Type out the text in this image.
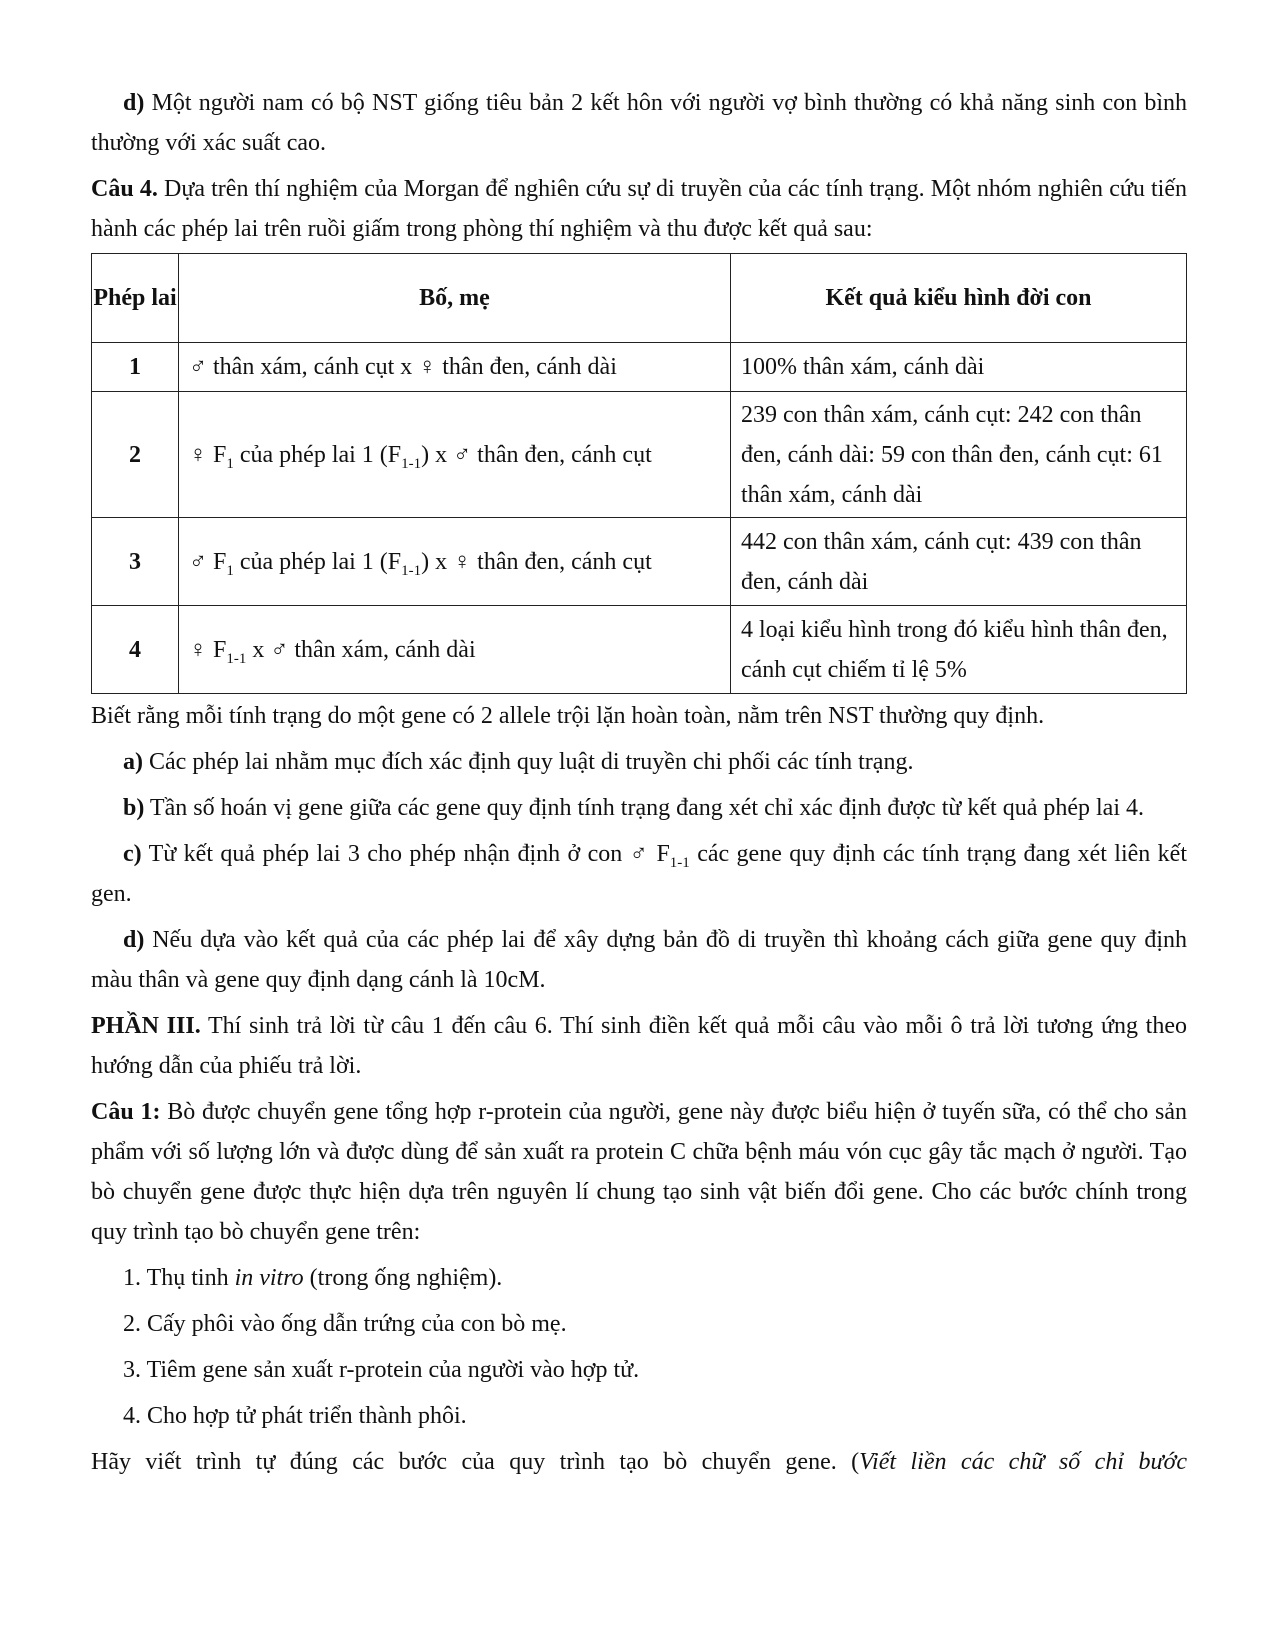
d) Một người nam có bộ NST giống tiêu bản 2 kết hôn với người vợ bình thường có khả năng sinh con bình thường với xác suất cao.

Câu 4. Dựa trên thí nghiệm của Morgan để nghiên cứu sự di truyền của các tính trạng. Một nhóm nghiên cứu tiến hành các phép lai trên ruồi giấm trong phòng thí nghiệm và thu được kết quả sau:

Phép lai	Bố, mẹ	Kết quả kiểu hình đời con
1	♂ thân xám, cánh cụt x ♀ thân đen, cánh dài	100% thân xám, cánh dài
2	♀ $F_1$ của phép lai 1 $(F_{1-1})$ x ♂ thân đen, cánh cụt	239 con thân xám, cánh cụt: 242 con thân đen, cánh dài: 59 con thân đen, cánh cụt: 61 thân xám, cánh dài
3	♂ $F_1$ của phép lai 1 $(F_{1-1})$ x ♀ thân đen, cánh cụt	442 con thân xám, cánh cụt: 439 con thân đen, cánh dài
4	♀ $F_{1-1}$ x ♂ thân xám, cánh dài	4 loại kiểu hình trong đó kiểu hình thân đen, cánh cụt chiếm tỉ lệ 5%

Biết rằng mỗi tính trạng do một gene có 2 allele trội lặn hoàn toàn, nằm trên NST thường quy định.

a) Các phép lai nhằm mục đích xác định quy luật di truyền chi phối các tính trạng.

b) Tần số hoán vị gene giữa các gene quy định tính trạng đang xét chỉ xác định được từ kết quả phép lai 4.

c) Từ kết quả phép lai 3 cho phép nhận định ở con ♂ $F_{1-1}$ các gene quy định các tính trạng đang xét liên kết gen.

d) Nếu dựa vào kết quả của các phép lai để xây dựng bản đồ di truyền thì khoảng cách giữa gene quy định màu thân và gene quy định dạng cánh là 10cM.

PHẦN III. Thí sinh trả lời từ câu 1 đến câu 6. Thí sinh điền kết quả mỗi câu vào mỗi ô trả lời tương ứng theo hướng dẫn của phiếu trả lời.

Câu 1: Bò được chuyển gene tổng hợp r-protein của người, gene này được biểu hiện ở tuyến sữa, có thể cho sản phẩm với số lượng lớn và được dùng để sản xuất ra protein C chữa bệnh máu vón cục gây tắc mạch ở người. Tạo bò chuyển gene được thực hiện dựa trên nguyên lí chung tạo sinh vật biến đổi gene. Cho các bước chính trong quy trình tạo bò chuyển gene trên:

1. Thụ tinh in vitro (trong ống nghiệm).

2. Cấy phôi vào ống dẫn trứng của con bò mẹ.

3. Tiêm gene sản xuất r-protein của người vào hợp tử.

4. Cho hợp tử phát triển thành phôi.

Hãy viết trình tự đúng các bước của quy trình tạo bò chuyển gene. (Viết liền các chữ số chỉ bước
